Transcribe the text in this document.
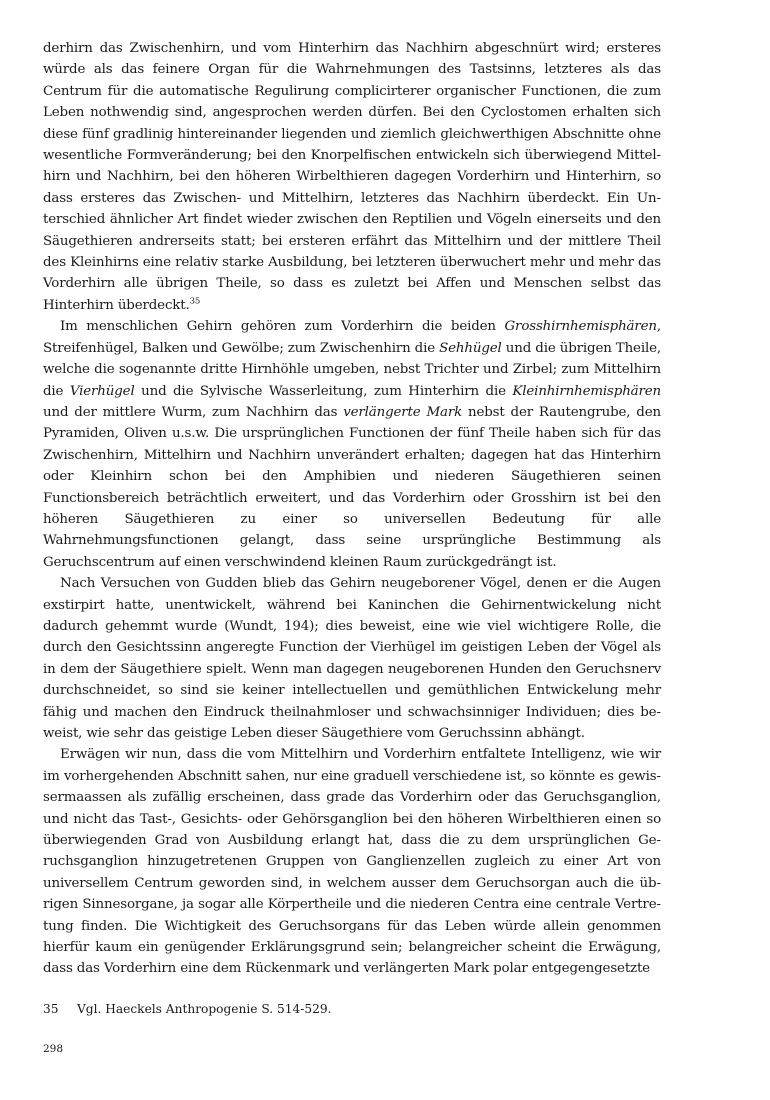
derhirn das Zwischenhirn, und vom Hinterhirn das Nachhirn abgeschnürt wird; ersteres würde als das feinere Organ für die Wahrnehmungen des Tastsinns, letzteres als das Centrum für die automatische Regulirung complicirterer organischer Functionen, die zum Leben nothwendig sind, angesprochen werden dürfen. Bei den Cyclostomen erhalten sich diese fünf gradlinig hintereinander liegenden und ziemlich gleichwerthigen Abschnitte ohne wesentliche Formveränderung; bei den Knorpelfischen entwickeln sich überwiegend Mittelhirn und Nachhirn, bei den höheren Wirbelthieren dagegen Vorderhirn und Hinterhirn, so dass ersteres das Zwischen- und Mittelhirn, letzteres das Nachhirn überdeckt. Ein Unterschied ähnlicher Art findet wieder zwischen den Reptilien und Vögeln einerseits und den Säugethieren andrerseits statt; bei ersteren erfährt das Mittelhirn und der mittlere Theil des Kleinhirns eine relativ starke Ausbildung, bei letzteren überwuchert mehr und mehr das Vorderhirn alle übrigen Theile, so dass es zuletzt bei Affen und Menschen selbst das Hinterhirn überdeckt.$^{35}$

Im menschlichen Gehirn gehören zum Vorderhirn die beiden Grosshirnhemisphären, Streifenhügel, Balken und Gewölbe; zum Zwischenhirn die Sehhügel und die übrigen Theile, welche die sogenannte dritte Hirnhöhle umgeben, nebst Trichter und Zirbel; zum Mittelhirn die Vierhügel und die Sylvische Wasserleitung, zum Hinterhirn die Kleinhirnhemisphären und der mittlere Wurm, zum Nachhirn das verlängerte Mark nebst der Rautengrube, den Pyramiden, Oliven u.s.w. Die ursprünglichen Functionen der fünf Theile haben sich für das Zwischenhirn, Mittelhirn und Nachhirn unverändert erhalten; dagegen hat das Hinterhirn oder Kleinhirn schon bei den Amphibien und niederen Säugethieren seinen Functionsbereich beträchtlich erweitert, und das Vorderhirn oder Grosshirn ist bei den höheren Säugethieren zu einer so universellen Bedeutung für alle Wahrnehmungsfunctionen gelangt, dass seine ursprüngliche Bestimmung als Geruchscentrum auf einen verschwindend kleinen Raum zurückgedrängt ist.

Nach Versuchen von Gudden blieb das Gehirn neugeborener Vögel, denen er die Augen exstirpirt hatte, unentwickelt, während bei Kaninchen die Gehirnentwickelung nicht dadurch gehemmt wurde (Wundt, 194); dies beweist, eine wie viel wichtigere Rolle, die durch den Gesichtssinn angeregte Function der Vierhügel im geistigen Leben der Vögel als in dem der Säugethiere spielt. Wenn man dagegen neugeborenen Hunden den Geruchsnerv durchschneidet, so sind sie keiner intellectuellen und gemüthlichen Entwickelung mehr fähig und machen den Eindruck theilnahmloser und schwachsinniger Individuen; dies beweist, wie sehr das geistige Leben dieser Säugethiere vom Geruchssinn abhängt.

Erwägen wir nun, dass die vom Mittelhirn und Vorderhirn entfaltete Intelligenz, wie wir im vorhergehenden Abschnitt sahen, nur eine graduell verschiedene ist, so könnte es gewissermaassen als zufällig erscheinen, dass grade das Vorderhirn oder das Geruchsganglion, und nicht das Tast-, Gesichts- oder Gehörsganglion bei den höheren Wirbelthieren einen so überwiegenden Grad von Ausbildung erlangt hat, dass die zu dem ursprünglichen Geruchsganglion hinzugetretenen Gruppen von Ganglienzellen zugleich zu einer Art von universellem Centrum geworden sind, in welchem ausser dem Geruchsorgan auch die übrigen Sinnesorgane, ja sogar alle Körpertheile und die niederen Centra eine centrale Vertretung finden. Die Wichtigkeit des Geruchsorgans für das Leben würde allein genommen hierfür kaum ein genügender Erklärungsgrund sein; belangreicher scheint die Erwägung, dass das Vorderhirn eine dem Rückenmark und verlängerten Mark polar entgegengesetzte

35 Vgl. Haeckels Anthropogenie S. 514-529.
298
